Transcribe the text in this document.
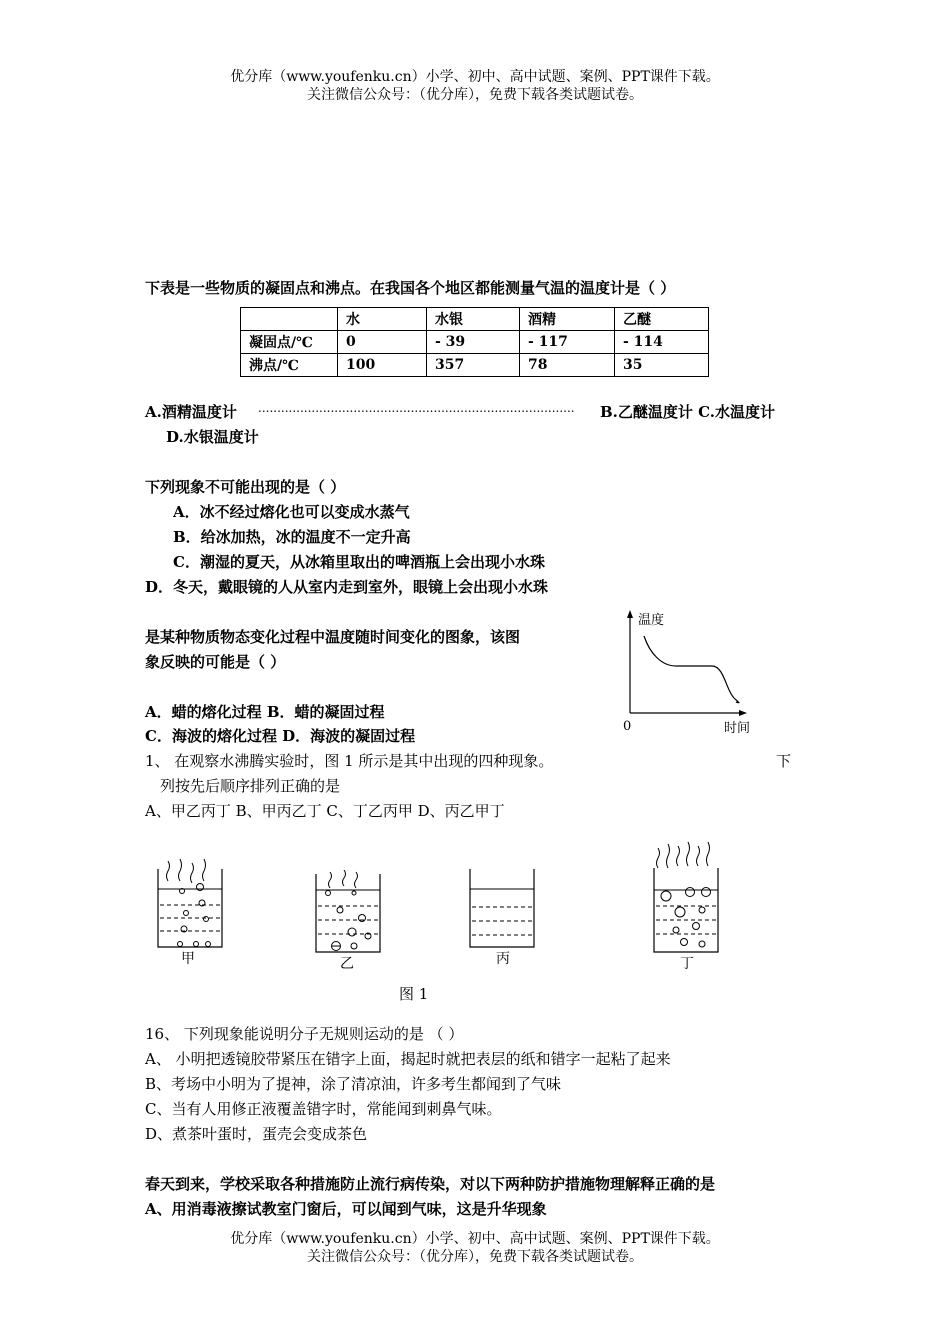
优分库（www.youfenku.cn）小学、初中、高中试题、案例、PPT课件下载。
关注微信公众号：（优分库），免费下载各类试题试卷。
下表是一些物质的凝固点和沸点。在我国各个地区都能测量气温的温度计是（ ）
	水	水银	酒精	乙醚
凝固点/℃	0	- 39	- 117	- 114
沸点/℃	100	357	78	35
A.酒精温度计 ...................................................................................	B.乙醚温度计 C.水温度计
D.水银温度计
下列现象不可能出现的是（ ）
A．冰不经过熔化也可以变成水蒸气
B．给冰加热，冰的温度不一定升高
C．潮湿的夏天，从冰箱里取出的啤酒瓶上会出现小水珠
D．冬天，戴眼镜的人从室内走到室外，眼镜上会出现小水珠
是某种物质物态变化过程中温度随时间变化的图象，该图
象反映的可能是（ ）
A．蜡的熔化过程 B．蜡的凝固过程
C．海波的熔化过程 D．海波的凝固过程
温度
时间
0
1、 在观察水沸腾实验时，图 1 所示是其中出现的四种现象。	下
列按先后顺序排列正确的是
A、甲乙丙丁 B、甲丙乙丁 C、丁乙丙甲 D、丙乙甲丁
甲	乙	丙	丁
图 1
16、 下列现象能说明分子无规则运动的是 （ ）
A、 小明把透镜胶带紧压在错字上面，揭起时就把表层的纸和错字一起粘了起来
B、考场中小明为了提神，涂了清凉油，许多考生都闻到了气味
C、当有人用修正液覆盖错字时，常能闻到刺鼻气味。
D、煮茶叶蛋时，蛋壳会变成茶色
春天到来，学校采取各种措施防止流行病传染，对以下两种防护措施物理解释正确的是
A、用消毒液擦试教室门窗后，可以闻到气味，这是升华现象
优分库（www.youfenku.cn）小学、初中、高中试题、案例、PPT课件下载。
关注微信公众号：（优分库），免费下载各类试题试卷。
